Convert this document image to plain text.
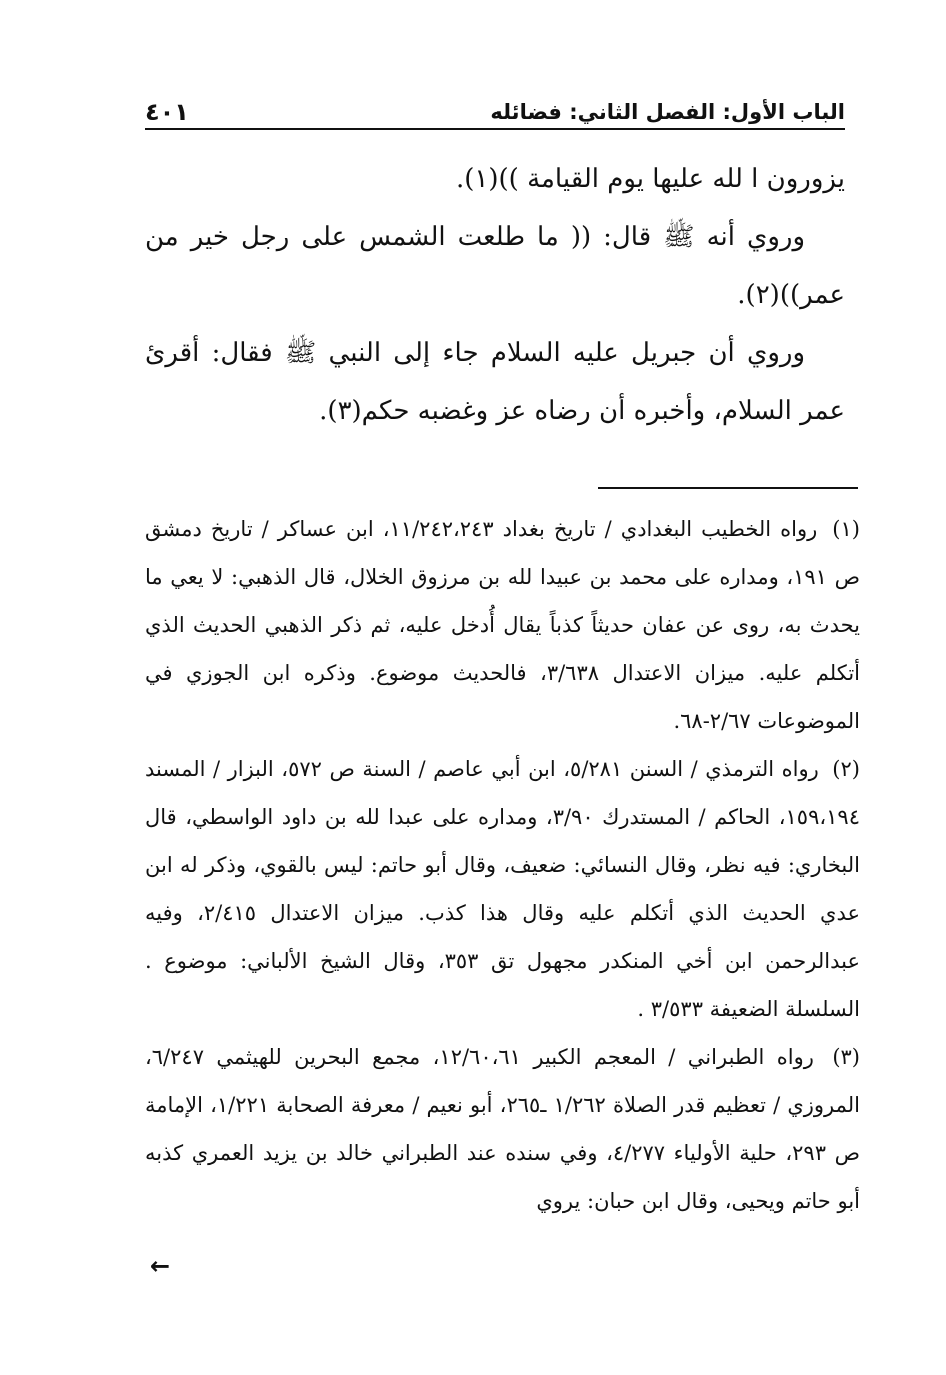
الباب الأول: الفصل الثاني: فضائله
٤٠١

يزورون ا لله عليها يوم القيامة ))(١).

وروي أنه ﷺ قال: (( ما طلعت الشمس على رجل خير من عمر))(٢).

وروي أن جبريل عليه السلام جاء إلى النبي ﷺ فقال: أقرئ عمر السلام، وأخبره أن رضاه عز وغضبه حكم(٣).

(١) رواه الخطيب البغدادي / تاريخ بغداد ١١/٢٤٢،٢٤٣، ابن عساكر / تاريخ دمشق ص ١٩١، ومداره على محمد بن عبيدا لله بن مرزوق الخلال، قال الذهبي: لا يعي ما يحدث به، روى عن عفان حديثاً كذباً يقال أُدخل عليه، ثم ذكر الذهبي الحديث الذي أتكلم عليه. ميزان الاعتدال ٣/٦٣٨، فالحديث موضوع. وذكره ابن الجوزي في الموضوعات ٢/٦٧-٦٨.

(٢) رواه الترمذي / السنن ٥/٢٨١، ابن أبي عاصم / السنة ص ٥٧٢، البزار / المسند ١٥٩،١٩٤، الحاكم / المستدرك ٣/٩٠، ومداره على عبدا لله بن داود الواسطي، قال البخاري: فيه نظر، وقال النسائي: ضعيف، وقال أبو حاتم: ليس بالقوي، وذكر له ابن عدي الحديث الذي أتكلم عليه وقال هذا كذب. ميزان الاعتدال ٢/٤١٥، وفيه عبدالرحمن ابن أخي المنكدر مجهول تق ٣٥٣، وقال الشيخ الألباني: موضوع . السلسلة الضعيفة ٣/٥٣٣ .

(٣) رواه الطبراني / المعجم الكبير ١٢/٦٠،٦١، مجمع البحرين للهيثمي ٦/٢٤٧، المروزي / تعظيم قدر الصلاة ١/٢٦٢ ـ٢٦٥، أبو نعيم / معرفة الصحابة ١/٢٢١، الإمامة ص ٢٩٣، حلية الأولياء ٤/٢٧٧، وفي سنده عند الطبراني خالد بن يزيد العمري كذبه أبو حاتم ويحيى، وقال ابن حبان: يروي

←
